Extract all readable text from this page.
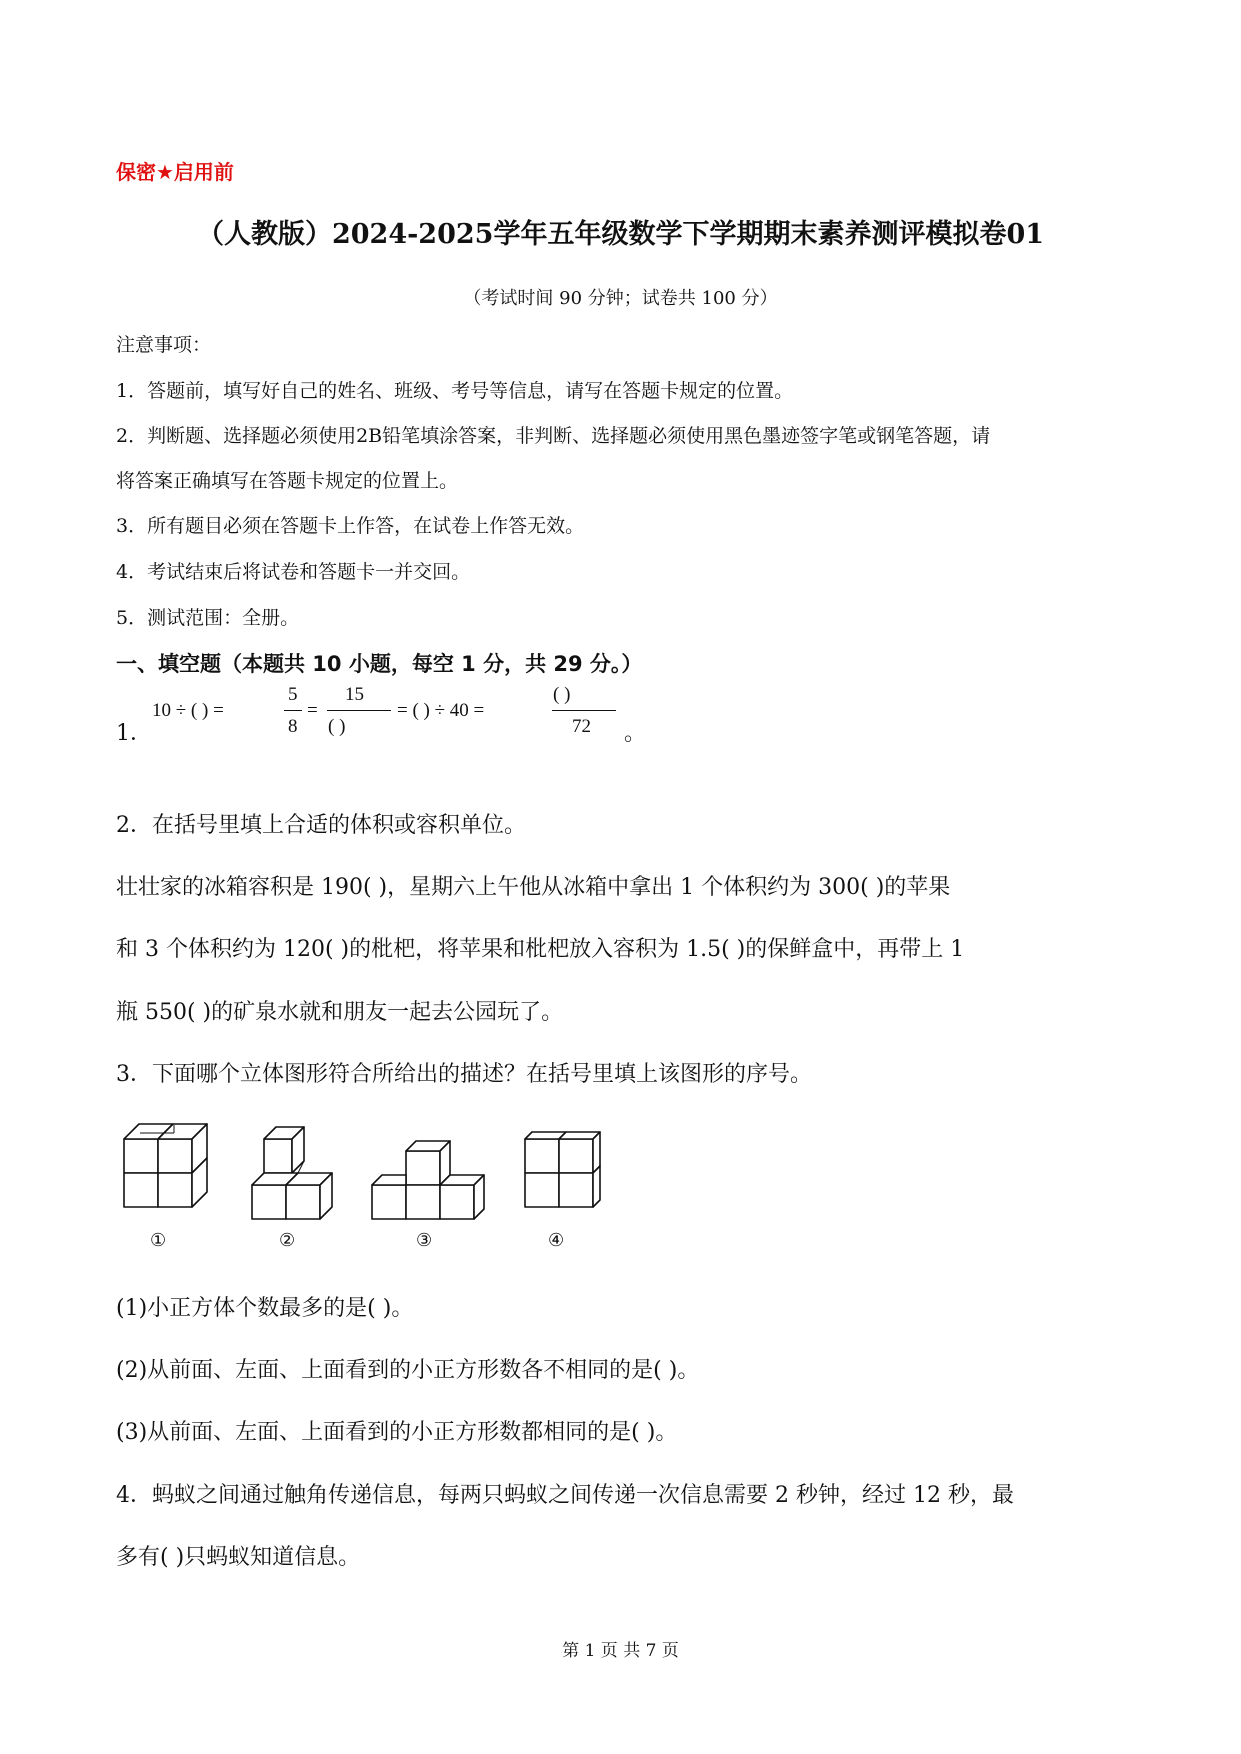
保密★启用前
（人教版）2024-2025学年五年级数学下学期期末素养测评模拟卷01
（考试时间 90 分钟；试卷共 100 分）
注意事项：
1．答题前，填写好自己的姓名、班级、考号等信息，请写在答题卡规定的位置。
2．判断题、选择题必须使用2B铅笔填涂答案，非判断、选择题必须使用黑色墨迹签字笔或钢笔答题，请
将答案正确填写在答题卡规定的位置上。
3．所有题目必须在答题卡上作答，在试卷上作答无效。
4．考试结束后将试卷和答题卡一并交回。
5．测试范围：全册。
一、填空题（本题共 10 小题，每空 1 分，共 29 分。）
1．
10 ÷ ( ) =
5
8
=
15
( )
= ( ) ÷ 40 =
( )
72 。
2．在括号里填上合适的体积或容积单位。
壮壮家的冰箱容积是 190( )，星期六上午他从冰箱中拿出 1 个体积约为 300( )的苹果
和 3 个体积约为 120( )的枇杷，将苹果和枇杷放入容积为 1.5( )的保鲜盒中，再带上 1
瓶 550( )的矿泉水就和朋友一起去公园玩了。
3．下面哪个立体图形符合所给出的描述？在括号里填上该图形的序号。
①	②	③	④
(1)小正方体个数最多的是( )。
(2)从前面、左面、上面看到的小正方形数各不相同的是( )。
(3)从前面、左面、上面看到的小正方形数都相同的是( )。
4．蚂蚁之间通过触角传递信息，每两只蚂蚁之间传递一次信息需要 2 秒钟，经过 12 秒，最
多有( )只蚂蚁知道信息。
第 1 页 共 7 页
